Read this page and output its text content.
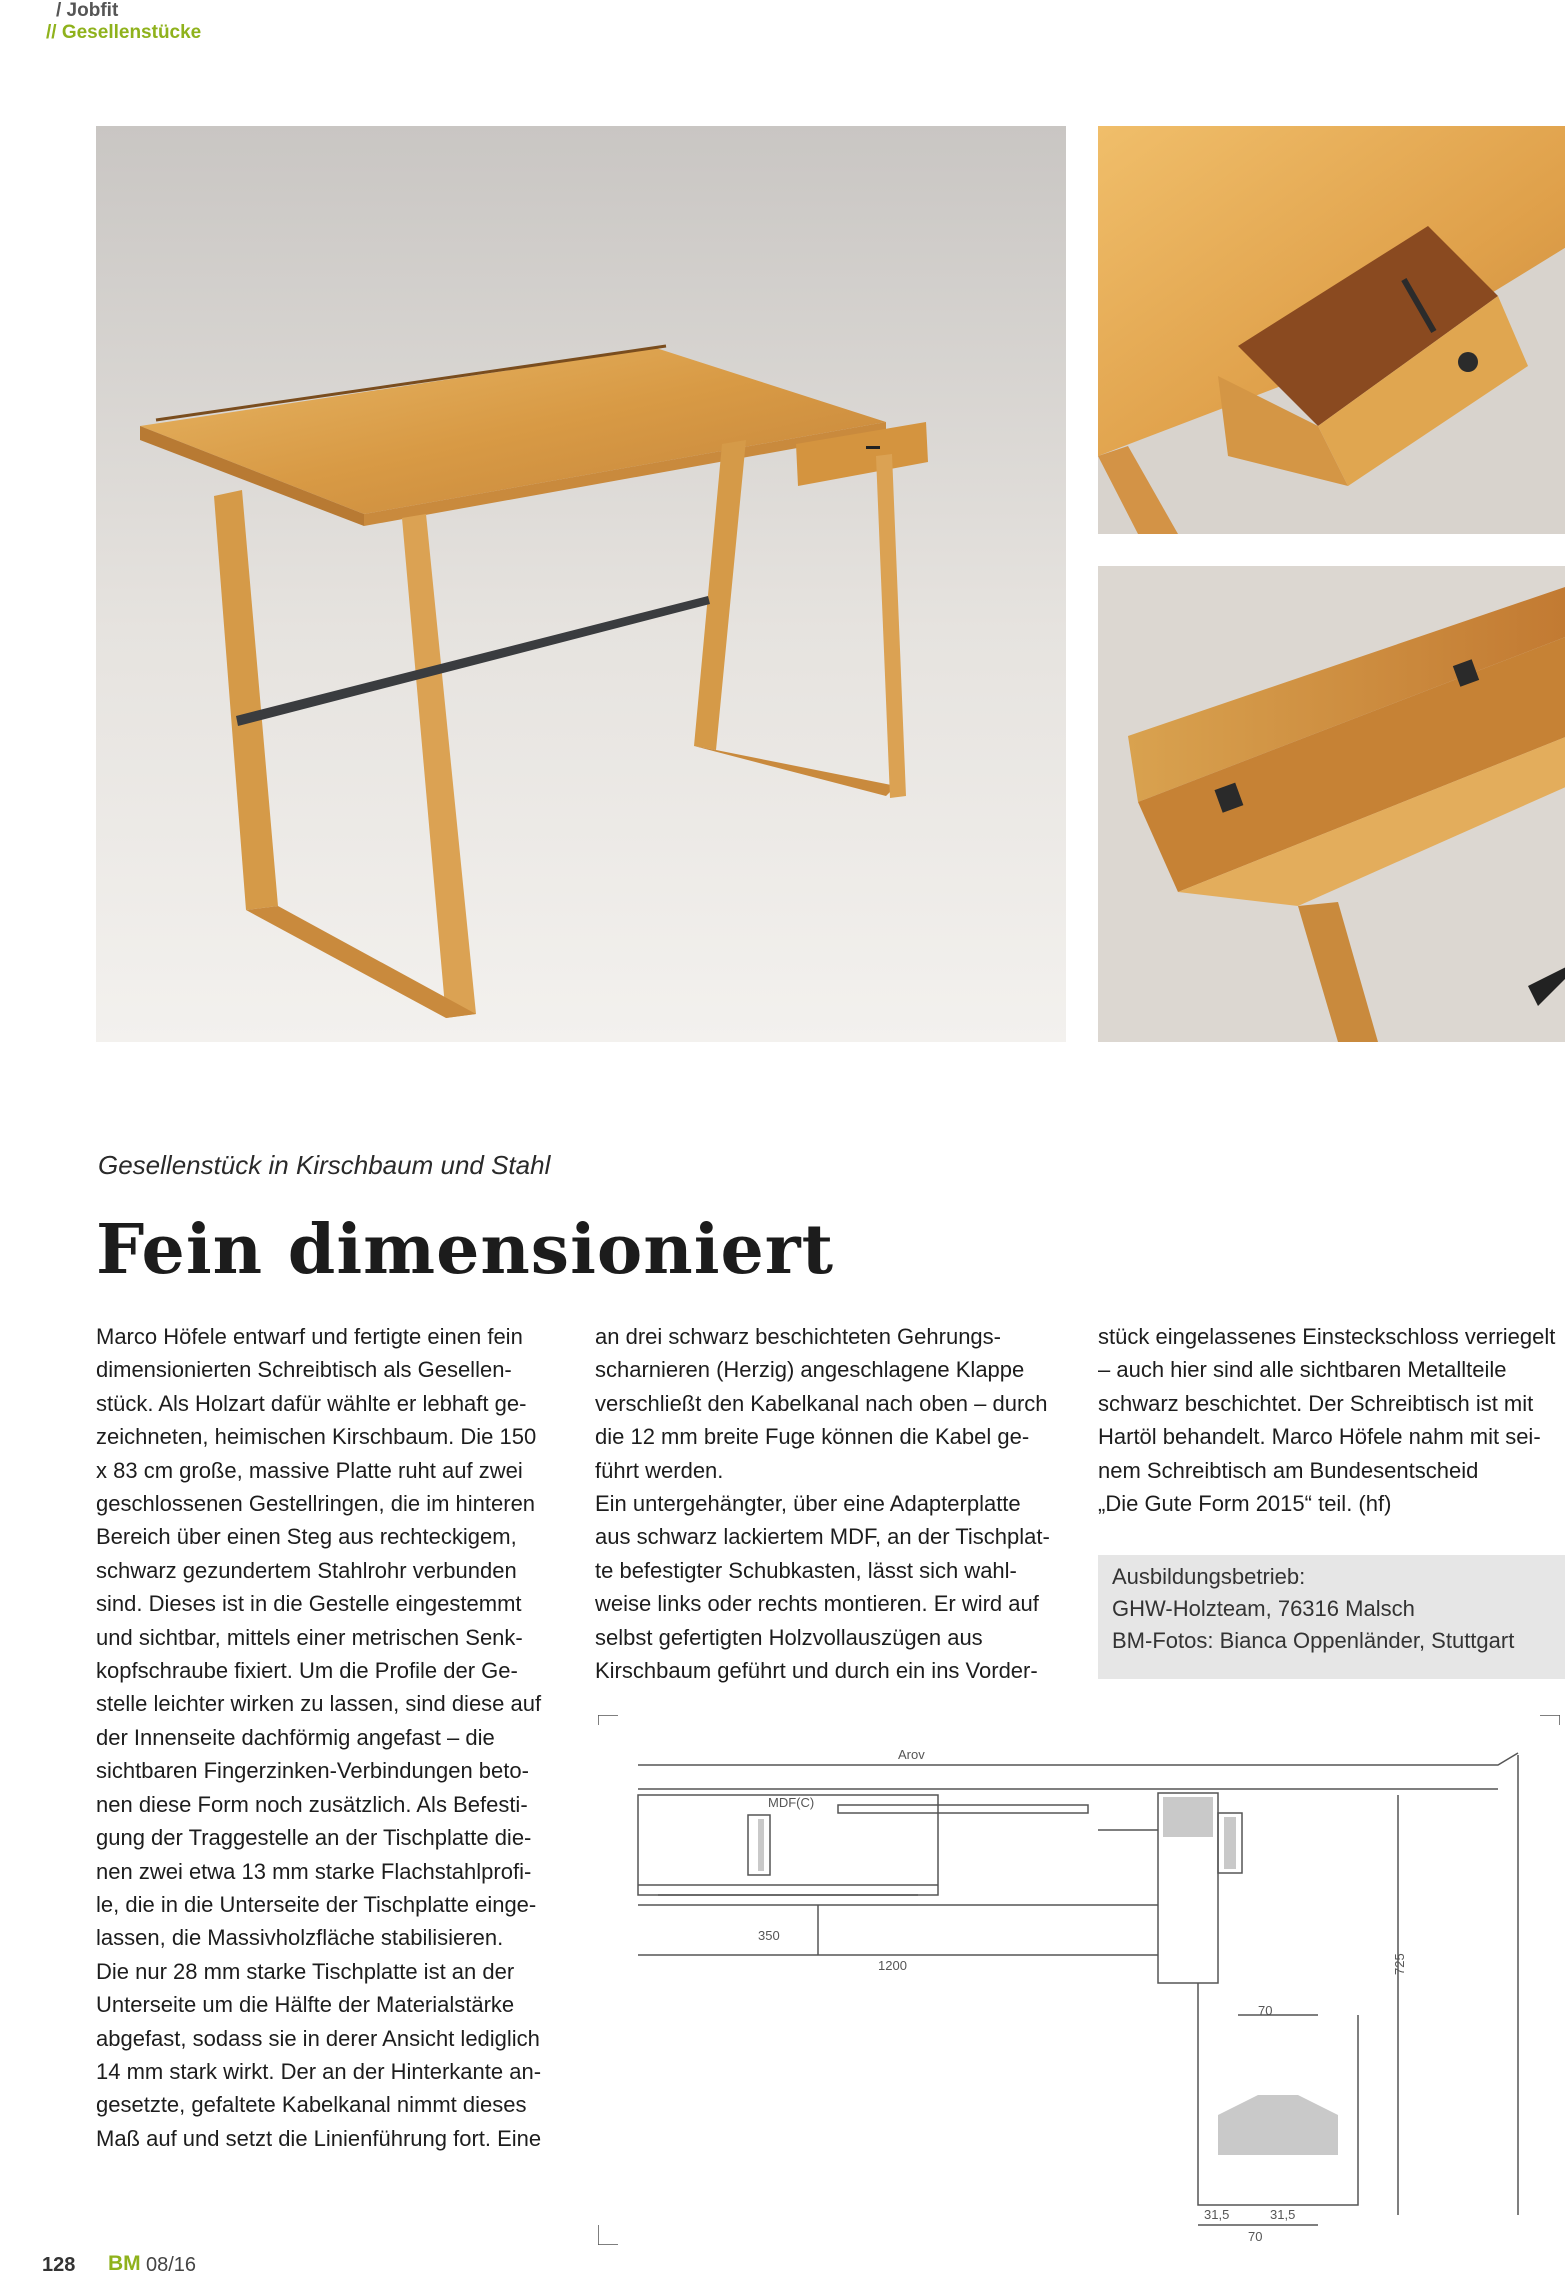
/ Jobfit
// Gesellenstücke
Gesellenstück in Kirschbaum und Stahl
Fein dimensioniert

Marco Höfele entwarf und fertigte einen fein

dimensionierten Schreibtisch als Gesellen-

stück. Als Holzart dafür wählte er lebhaft ge-

zeichneten, heimischen Kirschbaum. Die 150

x 83 cm große, massive Platte ruht auf zwei

geschlossenen Gestellringen, die im hinteren

Bereich über einen Steg aus rechteckigem,

schwarz gezundertem Stahlrohr verbunden

sind. Dieses ist in die Gestelle eingestemmt

und sichtbar, mittels einer metrischen Senk-

kopfschraube fixiert. Um die Profile der Ge-

stelle leichter wirken zu lassen, sind diese auf

der Innenseite dachförmig angefast – die

sichtbaren Fingerzinken-Verbindungen beto-

nen diese Form noch zusätzlich. Als Befesti-

gung der Traggestelle an der Tischplatte die-

nen zwei etwa 13 mm starke Flachstahlprofi-

le, die in die Unterseite der Tischplatte einge-

lassen, die Massivholzfläche stabilisieren.

Die nur 28 mm starke Tischplatte ist an der

Unterseite um die Hälfte der Materialstärke

abgefast, sodass sie in derer Ansicht lediglich

14 mm stark wirkt. Der an der Hinterkante an-

gesetzte, gefaltete Kabelkanal nimmt dieses

Maß auf und setzt die Linienführung fort. Eine

an drei schwarz beschichteten Gehrungs-

scharnieren (Herzig) angeschlagene Klappe

verschließt den Kabelkanal nach oben – durch

die 12 mm breite Fuge können die Kabel ge-

führt werden.

Ein untergehängter, über eine Adapterplatte

aus schwarz lackiertem MDF, an der Tischplat-

te befestigter Schubkasten, lässt sich wahl-

weise links oder rechts montieren. Er wird auf

selbst gefertigten Holzvollauszügen aus

Kirschbaum geführt und durch ein ins Vorder-

stück eingelassenes Einsteckschloss verriegelt

– auch hier sind alle sichtbaren Metallteile

schwarz beschichtet. Der Schreibtisch ist mit

Hartöl behandelt. Marco Höfele nahm mit sei-

nem Schreibtisch am Bundesentscheid

„Die Gute Form 2015“ teil. (hf)

Ausbildungsbetrieb:
GHW-Holzteam, 76316 Malsch
BM-Fotos: Bianca Oppenländer, Stuttgart
350
1200	725
70
31,5	31,5
70
Arov
MDF(C)
128 BM 08/16
